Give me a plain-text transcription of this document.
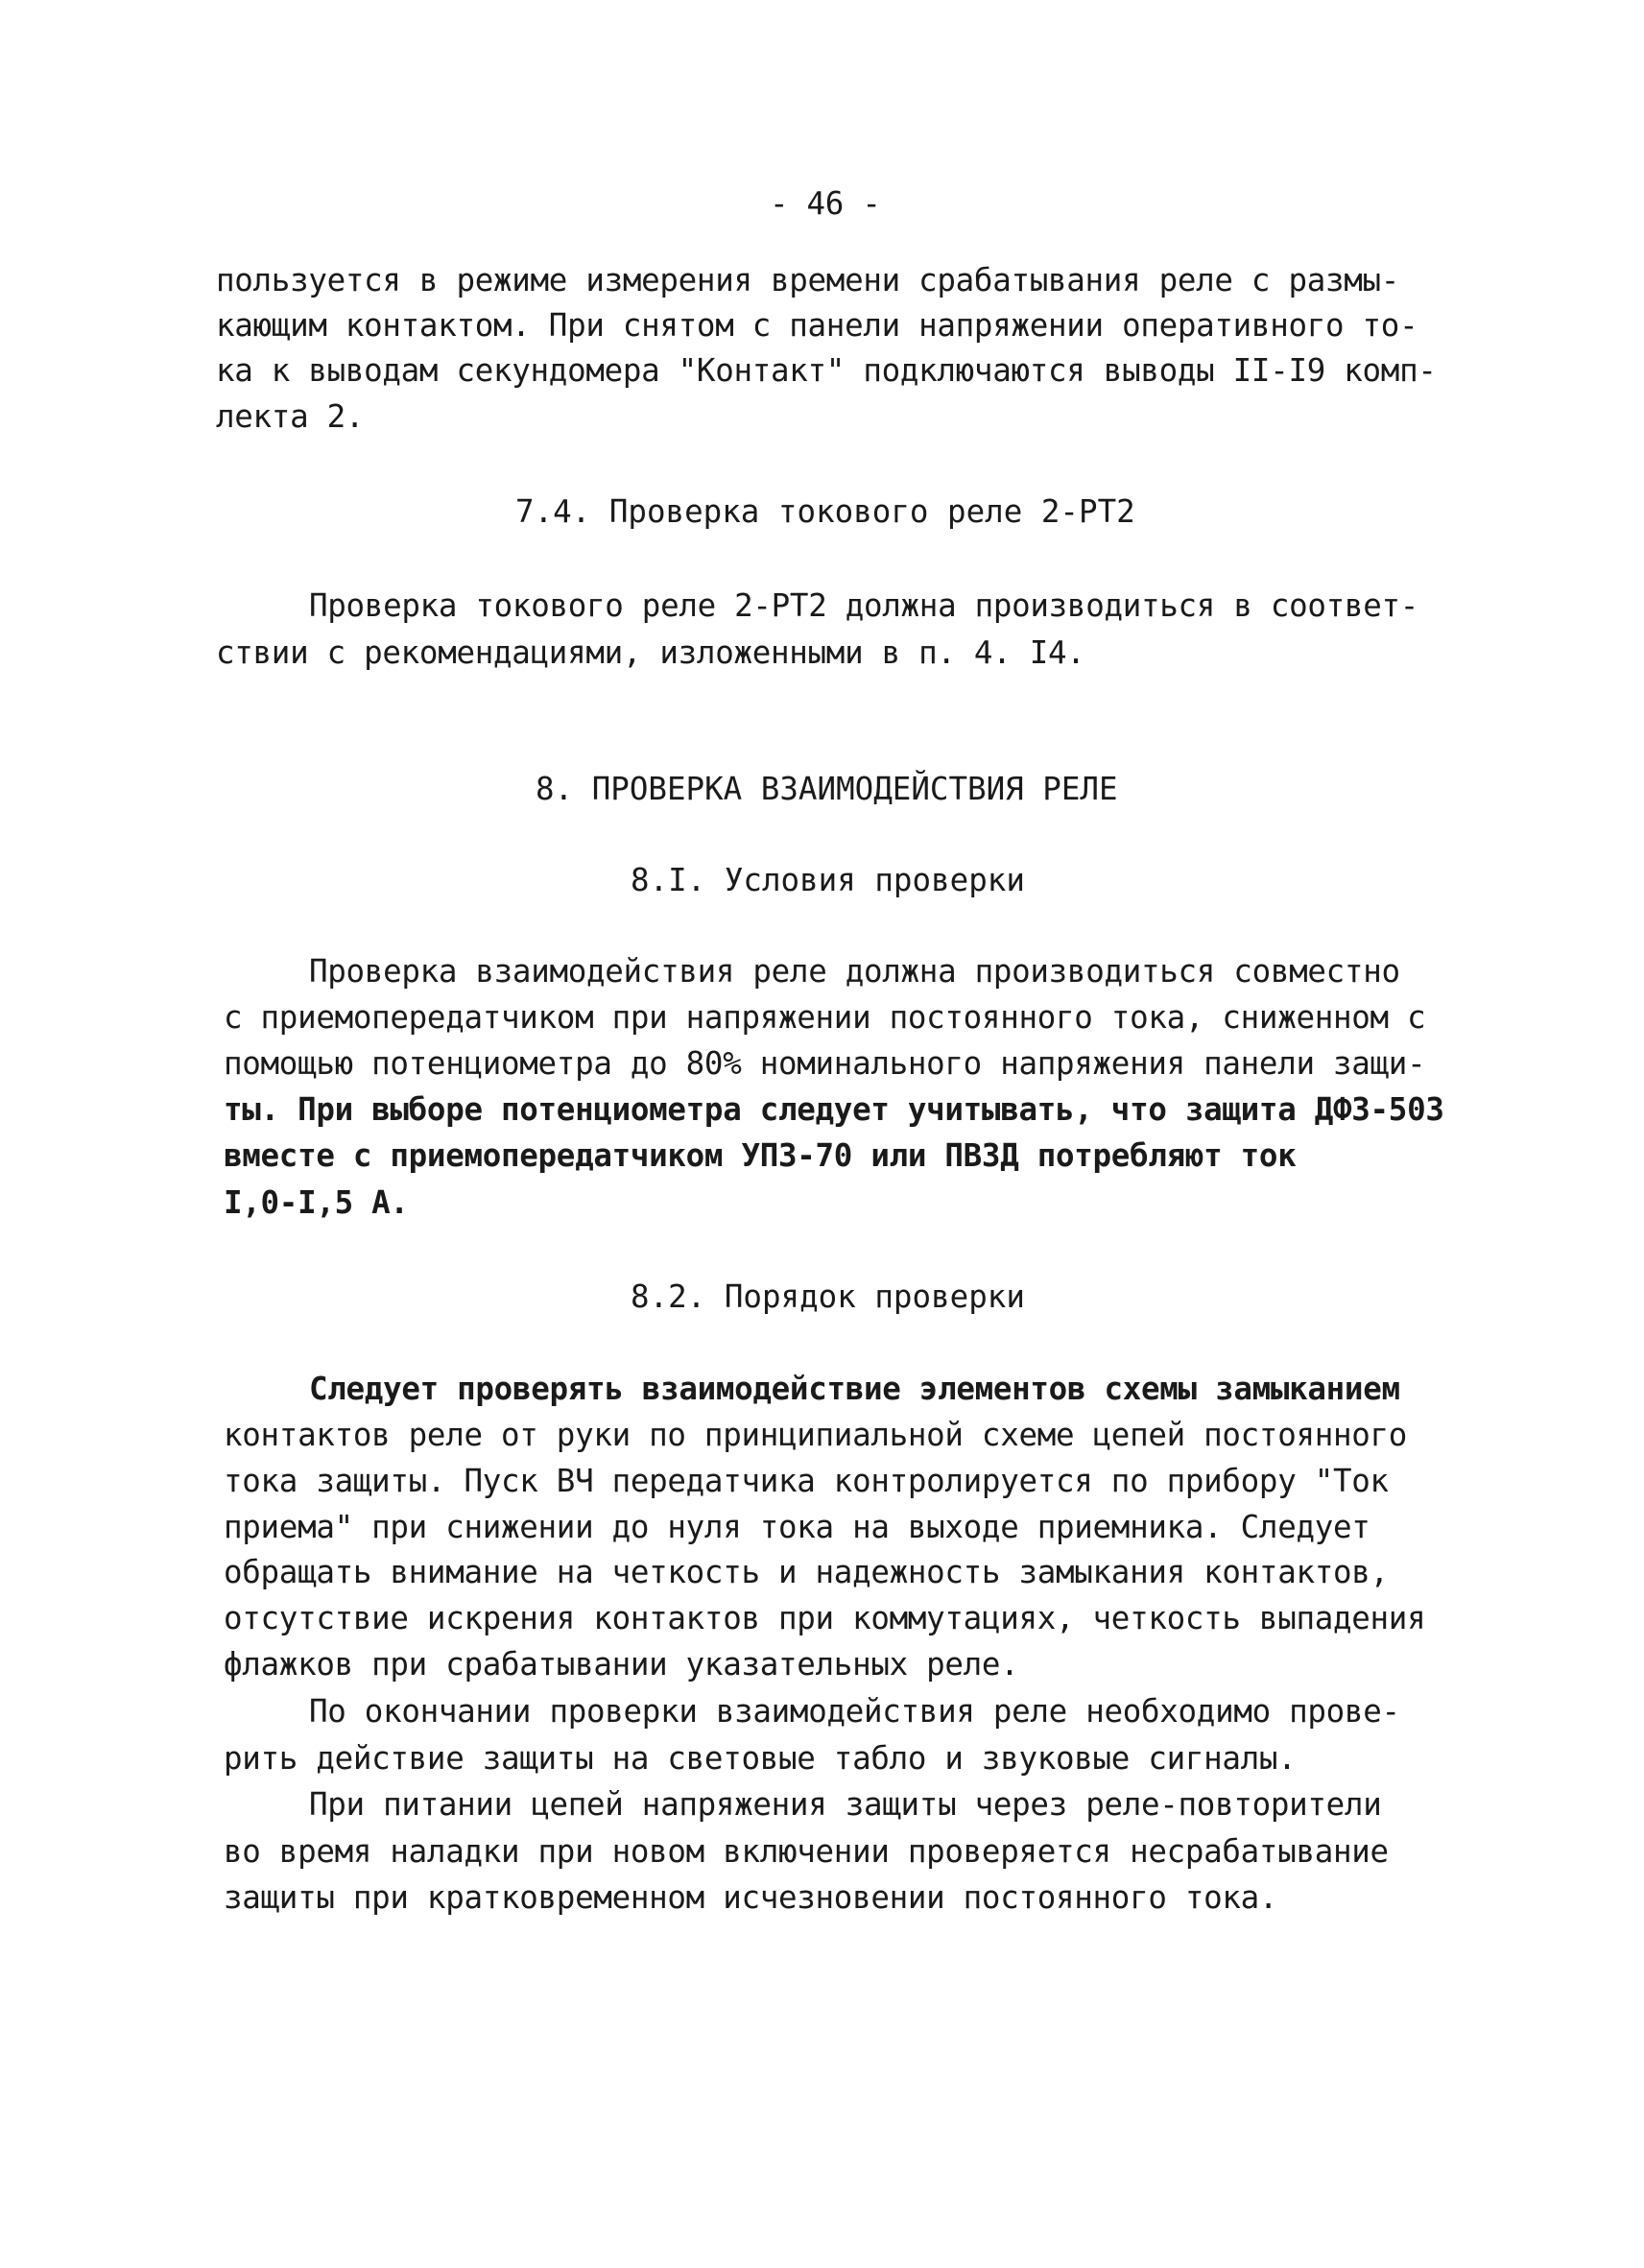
- 46 -
пользуется в режиме измерения времени срабатывания реле с размы-
кающим контактом. При снятом с панели напряжении оперативного то-
ка к выводам секундомера "Контакт" подключаются выводы II-I9 комп-
лекта 2.
7.4. Проверка токового реле 2-РТ2
Проверка токового реле 2-РТ2 должна производиться в соответ-
ствии с рекомендациями, изложенными в п. 4. I4.
8. ПРОВЕРКА ВЗАИМОДЕЙСТВИЯ РЕЛЕ
8.I. Условия проверки
Проверка взаимодействия реле должна производиться совместно
с приемопередатчиком при напряжении постоянного тока, сниженном с
помощью потенциометра до 80% номинального напряжения панели защи-
ты. При выборе потенциометра следует учитывать, что защита ДФЗ-503
вместе с приемопередатчиком УПЗ-70 или ПВЗД потребляют ток
I,0-I,5 А.
8.2. Порядок проверки
Следует проверять взаимодействие элементов схемы замыканием
контактов реле от руки по принципиальной схеме цепей постоянного
тока защиты. Пуск ВЧ передатчика контролируется по прибору "Ток
приема" при снижении до нуля тока на выходе приемника. Следует
обращать внимание на четкость и надежность замыкания контактов,
отсутствие искрения контактов при коммутациях, четкость выпадения
флажков при срабатывании указательных реле.
По окончании проверки взаимодействия реле необходимо прове-
рить действие защиты на световые табло и звуковые сигналы.
При питании цепей напряжения защиты через реле-повторители
во время наладки при новом включении проверяется несрабатывание
защиты при кратковременном исчезновении постоянного тока.
